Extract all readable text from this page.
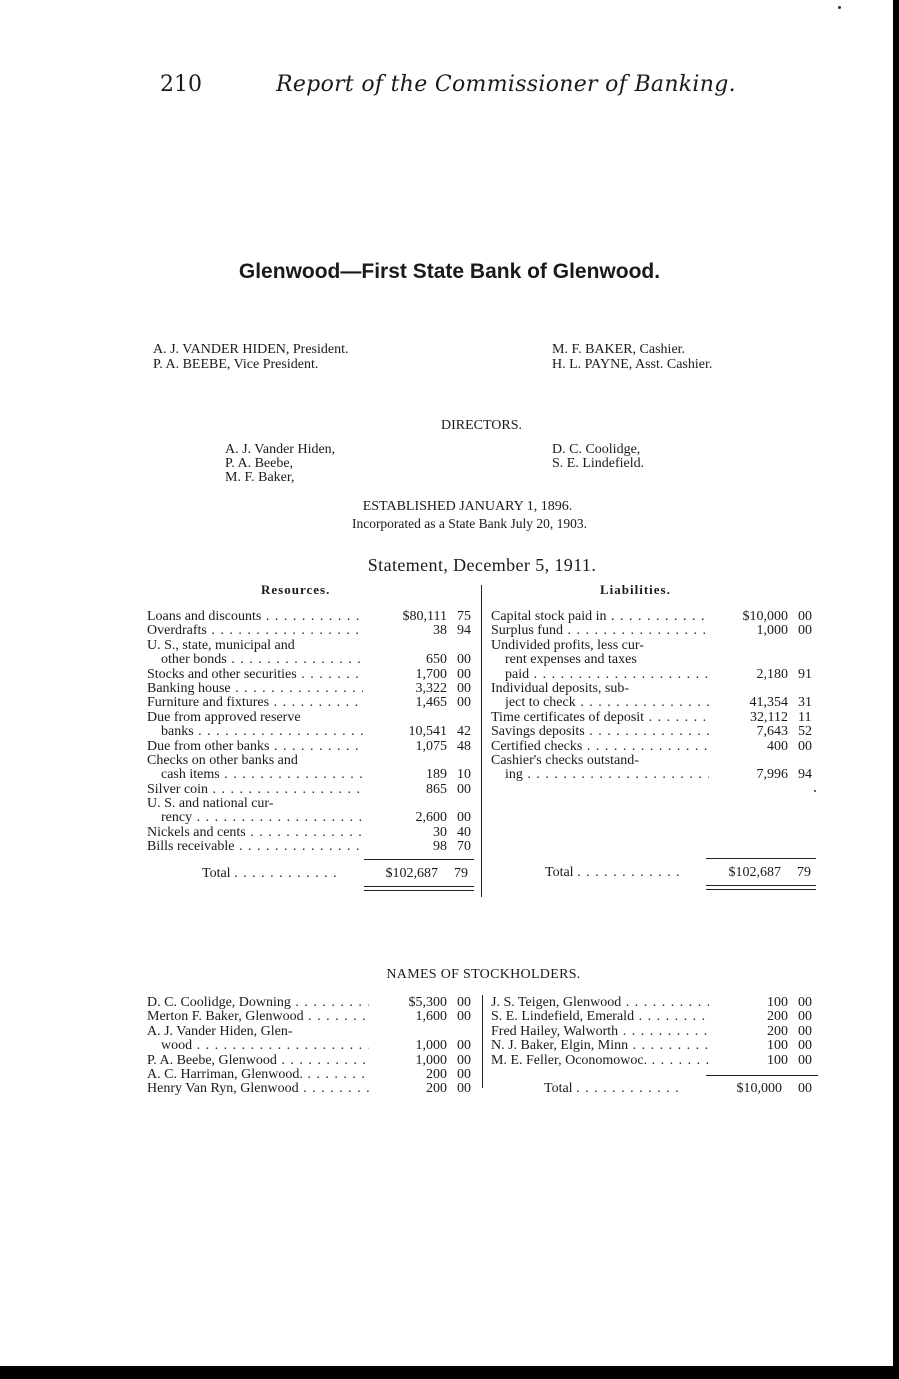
210	Report of the Commissioner of Banking.
Glenwood—First State Bank of Glenwood.
A. J. VANDER HIDEN, President.
P. A. BEEBE, Vice President.
M. F. BAKER, Cashier.
H. L. PAYNE, Asst. Cashier.
DIRECTORS.
A. J. Vander Hiden,
P. A. Beebe,
M. F. Baker,
D. C. Coolidge,
S. E. Lindefield.
ESTABLISHED JANUARY 1, 1896.
Incorporated as a State Bank July 20, 1903.
Statement, December 5, 1911.
Resources.	Liabilities.
Loans and discounts . . .	$80,111 75
Overdrafts . . .	38 94
U. S., state, municipal and
other bonds . . .	650 00
Stocks and other securities . . .	1,700 00
Banking house . . .	3,322 00
Furniture and fixtures . . .	1,465 00
Due from approved reserve
banks . . .	10,541 42
Due from other banks . . .	1,075 48
Checks on other banks and
cash items . . .	189 10
Silver coin . . .	865 00
U. S. and national cur-
rency . . .	2,600 00
Nickels and cents . . .	30 40
Bills receivable . . .	98 70
Total . . . . . . . . . . . .	$102,687 79
Capital stock paid in . . .	$10,000 00
Surplus fund . . .	1,000 00
Undivided profits, less cur-
rent expenses and taxes
paid . . .	2,180 91
Individual deposits, sub-
ject to check . . .	41,354 31
Time certificates of deposit . . .	32,112 11
Savings deposits . . .	7,643 52
Certified checks . . .	400 00
Cashier's checks outstand-
ing . . .	7,996 94
Total . . . . . . . . . . . .	$102,687 79
NAMES OF STOCKHOLDERS.
D. C. Coolidge, Downing . . .	$5,300 00
Merton F. Baker, Glenwood . . .	1,600 00
A. J. Vander Hiden, Glen-
wood . . .	1,000 00
P. A. Beebe, Glenwood . . .	1,000 00
A. C. Harriman, Glenwood. . . .	200 00
Henry Van Ryn, Glenwood . . .	200 00
J. S. Teigen, Glenwood . . .	100 00
S. E. Lindefield, Emerald . . .	200 00
Fred Hailey, Walworth . . .	200 00
N. J. Baker, Elgin, Minn . . .	100 00
M. E. Feller, Oconomowoc. . . .	100 00
Total . . . . . . . . . . . .	$10,000 00
